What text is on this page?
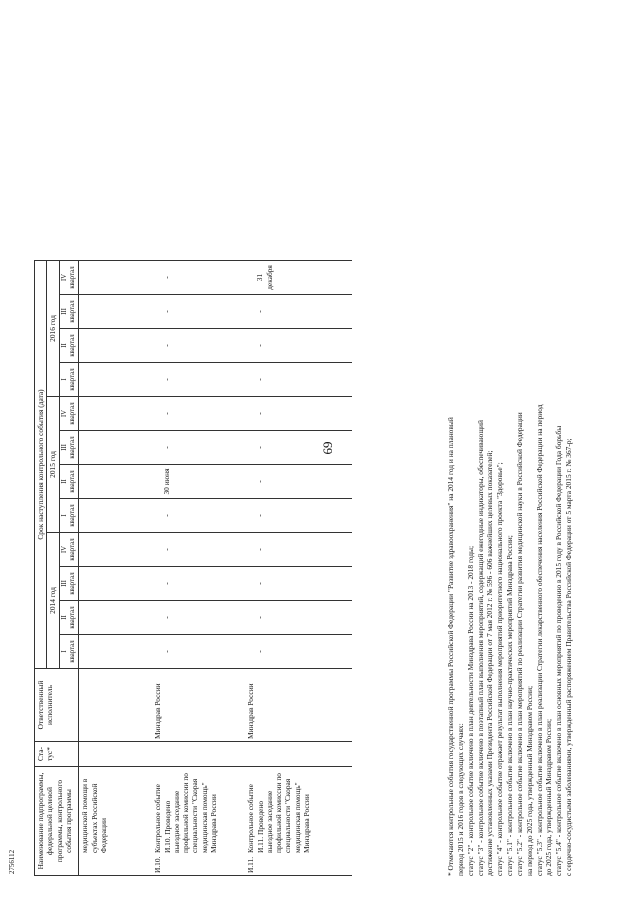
69
2756112	Наименование подпрограммы, федеральной целевой программы, контрольного события программы	Ста-тус*	Ответственный исполнитель	Срок наступления контрольного события (дата)											
			2014 год				2015 год				2016 год			

			I квартал	II квартал	III квартал	IV квартал	I квартал	II квартал	III квартал	IV квартал	I квартал	II квартал	III квартал	IV квартал

медицинской помощи в субъектах Российской Федерации														
И.10.Контрольное событие И.10. Проведено выездное заседание профильной комиссии по специальности "Скорая медицинская помощь" Минздрава России		Минздрав России	-	-	-	-	-	30 июня	-	-	-	-	-	-
И.11.Контрольное событие И.11. Проведено выездное заседание профильной комиссии по специальности "Скорая медицинская помощь" Минздрава России		Минздрав России	-	-	-	-	-	-	-	-	-	-	-	31 декабря
* Отмечаются контрольные события государственной программы Российской Федерации "Развитие здравоохранения" на 2014 год и на плановый период 2015 и 2016 годов в следующих случаях: статус "2" - контрольное событие включено в план деятельности Минздрава России на 2013 - 2018 годы; статус "3" - контрольное событие включено в поэтапный план выполнения мероприятий, содержащий ежегодные индикаторы, обеспечивающий достижение установленных указами Президента Российской Федерации от 7 мая 2012 г. № 596 - 606 важнейших целевых показателей; статус "4" - контрольное событие отражает результат выполнения мероприятий приоритетного национального проекта "Здоровье"; статус "5.1" - контрольное событие включено в план научно-практических мероприятий Минздрава России; статус "5.2" - контрольное событие включено в план мероприятий по реализации Стратегии развития медицинской науки в Российской Федерации на период до 2025 года, утвержденный Минздравом России; статус "5.3" - контрольное событие включено в план реализации Стратегии лекарственного обеспечения населения Российской Федерации на период до 2025 года, утвержденный Минздравом России; статус "5.4" - контрольное событие включено в план основных мероприятий по проведению в 2015 году в Российской Федерации Года борьбы с сердечно-сосудистыми заболеваниями, утвержденный распоряжением Правительства Российской Федерации от 5 марта 2015 г. № 367-р;
